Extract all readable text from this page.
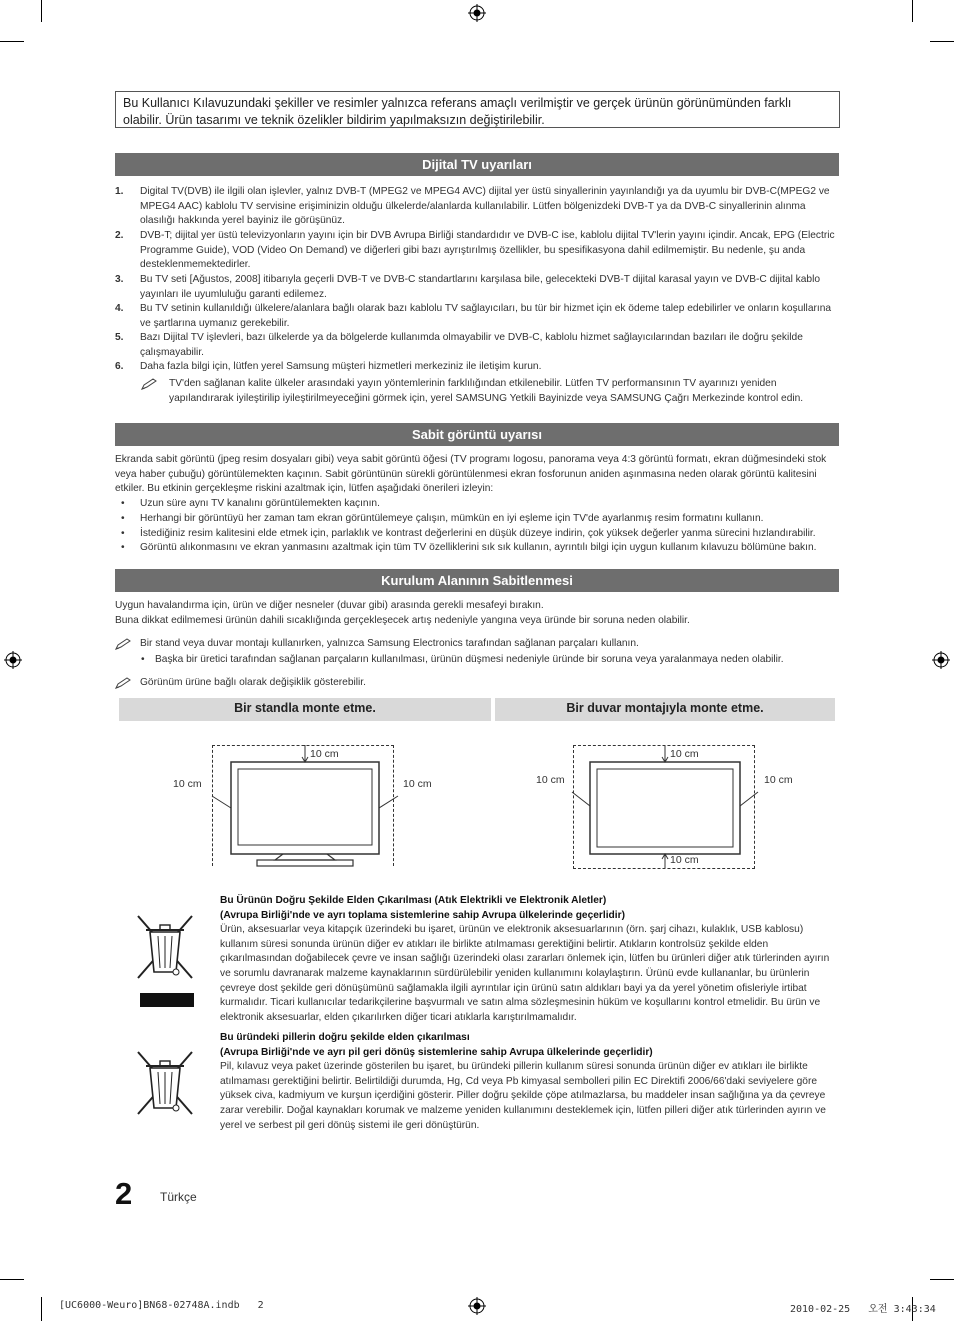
Bu Kullanıcı Kılavuzundaki şekiller ve resimler yalnızca referans amaçlı verilmiştir ve gerçek ürünün görünümünden farklı olabilir. Ürün tasarımı ve teknik özelikler bildirim yapılmaksızın değiştirilebilir.
Dijital TV uyarıları
1. Digital TV(DVB) ile ilgili olan işlevler, yalnız DVB-T (MPEG2 ve MPEG4 AVC) dijital yer üstü sinyallerinin yayınlandığı ya da uyumlu bir DVB-C(MPEG2 ve MPEG4 AAC) kablolu TV servisine erişiminizin olduğu ülkelerde/alanlarda kullanılabilir. Lütfen bölgenizdeki DVB-T ya da DVB-C sinyallerinin alınma olasılığı hakkında yerel bayiniz ile görüşünüz.
2. DVB-T; dijital yer üstü televizyonların yayını için bir DVB Avrupa Birliği standardıdır ve DVB-C ise, kablolu dijital TV'lerin yayını içindir. Ancak, EPG (Electric Programme Guide), VOD (Video On Demand) ve diğerleri gibi bazı ayrıştırılmış özellikler, bu spesifikasyona dahil edilmemiştir. Bu nedenle, şu anda desteklenmemektedirler.
3. Bu TV seti [Ağustos, 2008] itibarıyla geçerli DVB-T ve DVB-C standartlarını karşılasa bile, gelecekteki DVB-T dijital karasal yayın ve DVB-C dijital kablo yayınları ile uyumluluğu garanti edilemez.
4. Bu TV setinin kullanıldığı ülkelere/alanlara bağlı olarak bazı kablolu TV sağlayıcıları, bu tür bir hizmet için ek ödeme talep edebilirler ve onların koşullarına ve şartlarına uymanız gerekebilir.
5. Bazı Dijital TV işlevleri, bazı ülkelerde ya da bölgelerde kullanımda olmayabilir ve DVB-C, kablolu hizmet sağlayıcılarından bazıları ile doğru şekilde çalışmayabilir.
6. Daha fazla bilgi için, lütfen yerel Samsung müşteri hizmetleri merkeziniz ile iletişim kurun.
TV'den sağlanan kalite ülkeler arasındaki yayın yöntemlerinin farklılığından etkilenebilir. Lütfen TV performansının TV ayarınızı yeniden yapılandırarak iyileştirilip iyileştirilmeyeceğini görmek için, yerel SAMSUNG Yetkili Bayinizde veya SAMSUNG Çağrı Merkezinde kontrol edin.
Sabit görüntü uyarısı
Ekranda sabit görüntü (jpeg resim dosyaları gibi) veya sabit görüntü öğesi (TV programı logosu, panorama veya 4:3 görüntü formatı, ekran düğmesindeki stok veya haber çubuğu) görüntülemekten kaçının. Sabit görüntünün sürekli görüntülenmesi ekran fosforunun aniden aşınmasına neden olarak görüntü kalitesini etkiler. Bu etkinin gerçekleşme riskini azaltmak için, lütfen aşağıdaki önerileri izleyin:
• Uzun süre aynı TV kanalını görüntülemekten kaçının.
• Herhangi bir görüntüyü her zaman tam ekran görüntülemeye çalışın, mümkün en iyi eşleme için TV'de ayarlanmış resim formatını kullanın.
• İstediğiniz resim kalitesini elde etmek için, parlaklık ve kontrast değerlerini en düşük düzeye indirin, çok yüksek değerler yanma sürecini hızlandırabilir.
• Görüntü alıkonmasını ve ekran yanmasını azaltmak için tüm TV özelliklerini sık sık kullanın, ayrıntılı bilgi için uygun kullanım kılavuzu bölümüne bakın.
Kurulum Alanının Sabitlenmesi
Uygun havalandırma için, ürün ve diğer nesneler (duvar gibi) arasında gerekli mesafeyi bırakın.
Buna dikkat edilmemesi ürünün dahili sıcaklığında gerçekleşecek artış nedeniyle yangına veya üründe bir soruna neden olabilir.
Bir stand veya duvar montajı kullanırken, yalnızca Samsung Electronics tarafından sağlanan parçaları kullanın.
• Başka bir üretici tarafından sağlanan parçaların kullanılması, ürünün düşmesi nedeniyle üründe bir soruna veya yaralanmaya neden olabilir.
Görünüm ürüne bağlı olarak değişiklik gösterebilir.
Bir standla monte etme.	Bir duvar montajıyla monte etme.
10 cm
10 cm	10 cm
10 cm
10 cm	10 cm
10 cm
Bu Ürünün Doğru Şekilde Elden Çıkarılması (Atık Elektrikli ve Elektronik Aletler)
(Avrupa Birliği'nde ve ayrı toplama sistemlerine sahip Avrupa ülkelerinde geçerlidir)
Ürün, aksesuarlar veya kitapçık üzerindeki bu işaret, ürünün ve elektronik aksesuarlarının (örn. şarj cihazı, kulaklık, USB kablosu) kullanım süresi sonunda ürünün diğer ev atıkları ile birlikte atılmaması gerektiğini belirtir. Atıkların kontrolsüz şekilde elden çıkarılmasından doğabilecek çevre ve insan sağlığı üzerindeki olası zararları önlemek için, lütfen bu ürünleri diğer atık türlerinden ayırın ve sorumlu davranarak malzeme kaynaklarının sürdürülebilir yeniden kullanımını kolaylaştırın. Ürünü evde kullananlar, bu ürünlerin çevreye dost şekilde geri dönüşümünü sağlamakla ilgili ayrıntılar için ürünü satın aldıkları bayi ya da yerel yönetim ofisleriyle irtibat kurmalıdır. Ticari kullanıcılar tedarikçilerine başvurmalı ve satın alma sözleşmesinin hüküm ve koşullarını kontrol etmelidir. Bu ürün ve elektronik aksesuarlar, elden çıkarılırken diğer ticari atıklarla karıştırılmamalıdır.
Bu üründeki pillerin doğru şekilde elden çıkarılması
(Avrupa Birliği'nde ve ayrı pil geri dönüş sistemlerine sahip Avrupa ülkelerinde geçerlidir)
Pil, kılavuz veya paket üzerinde gösterilen bu işaret, bu üründeki pillerin kullanım süresi sonunda ürünün diğer ev atıkları ile birlikte atılmaması gerektiğini belirtir. Belirtildiği durumda, Hg, Cd veya Pb kimyasal sembolleri pilin EC Direktifi 2006/66'daki seviyelere göre yüksek civa, kadmiyum ve kurşun içerdiğini gösterir. Piller doğru şekilde çöpe atılmazlarsa, bu maddeler insan sağlığına ya da çevreye zarar verebilir. Doğal kaynakları korumak ve malzeme yeniden kullanımını desteklemek için, lütfen pilleri diğer atık türlerinden ayırın ve yerel ve serbest pil geri dönüş sistemi ile geri dönüştürün.
2 Türkçe
[UC6000-Weuro]BN68-02748A.indb   2	2010-02-25   오전 3:43:34
